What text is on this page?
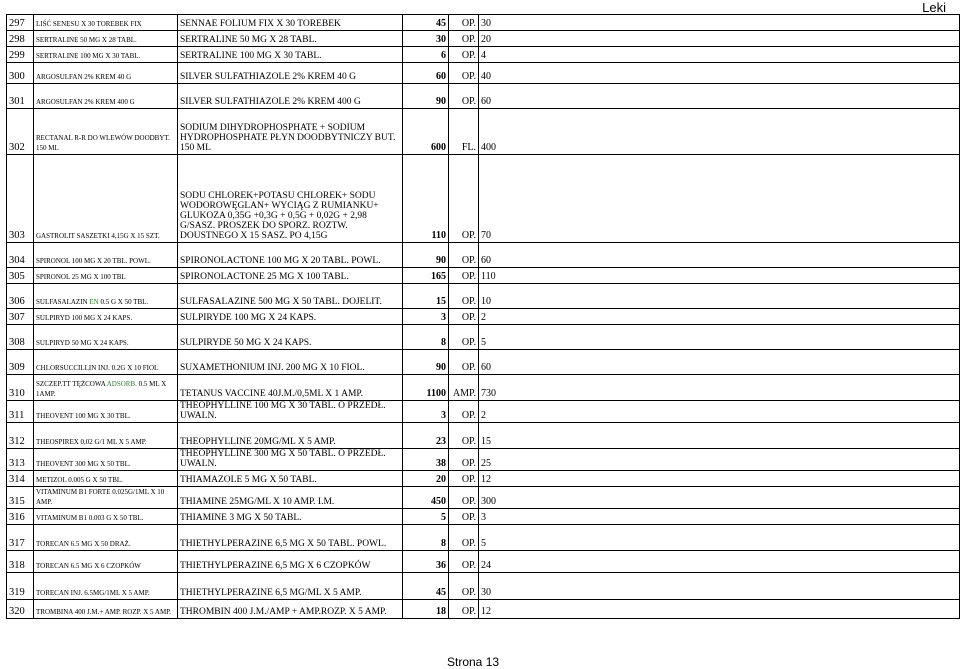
Leki
297	LIŚĆ SENESU X 30 TOREBEK FIX	SENNAE FOLIUM FIX X 30 TOREBEK	45	OP.	30
298	SERTRALINE 50 MG X 28 TABL.	SERTRALINE 50 MG X 28 TABL.	30	OP.	20
299	SERTRALINE 100 MG X 30 TABL.	SERTRALINE 100 MG X 30 TABL.	6	OP.	4
300	ARGOSULFAN 2% KREM 40 G	SILVER SULFATHIAZOLE 2% KREM 40 G	60	OP.	40
301	ARGOSULFAN 2% KREM 400 G	SILVER SULFATHIAZOLE 2% KREM 400 G	90	OP.	60
302	RECTANAL R-R DO WLEWÓW DOODBYT. 150 ML	SODIUM DIHYDROPHOSPHATE + SODIUM HYDROPHOSPHATE PŁYN DOODBYTNICZY BUT. 150 ML	600	FL.	400
303	GASTROLIT SASZETKI 4,15G X 15 SZT.	SODU CHLOREK+POTASU CHLOREK+ SODU WODOROWĘGLAN+ WYCIĄG Z RUMIANKU+ GLUKOZA 0,35G +0,3G + 0,5G + 0,02G + 2,98 G/SASZ. PROSZEK DO SPORZ. ROZTW. DOUSTNEGO X 15 SASZ. PO 4,15G	110	OP.	70
304	SPIRONOL 100 MG X 20 TBL. POWL.	SPIRONOLACTONE 100 MG X 20 TABL. POWL.	90	OP.	60
305	SPIRONOL 25 MG X 100 TBL	SPIRONOLACTONE 25 MG X 100 TABL.	165	OP.	110
306	SULFASALAZIN EN 0.5 G X 50 TBL.	SULFASALAZINE 500 MG X 50 TABL. DOJELIT.	15	OP.	10
307	SULPIRYD 100 MG X 24 KAPS.	SULPIRYDE 100 MG X 24 KAPS.	3	OP.	2
308	SULPIRYD 50 MG X 24 KAPS.	SULPIRYDE 50 MG X 24 KAPS.	8	OP.	5
309	CHLORSUCCILLIN INJ. 0.2G X 10 FIOL	SUXAMETHONIUM INJ. 200 MG X 10 FIOL.	90	OP.	60
310	SZCZEP.TT TĘŻCOWA ADSORB. 0.5 ML X 1AMP.	TETANUS VACCINE 40J.M./0,5ML X 1 AMP.	1100	AMP.	730
311	THEOVENT 100 MG X 30 TBL.	THEOPHYLLINE 100 MG X 30 TABL. O PRZEDŁ. UWALN.	3	OP.	2
312	THEOSPIREX 0,02 G/1 ML X 5 AMP.	THEOPHYLLINE 20MG/ML X 5 AMP.	23	OP.	15
313	THEOVENT 300 MG X 50 TBL.	THEOPHYLLINE 300 MG X 50 TABL. O PRZEDŁ. UWALN.	38	OP.	25
314	METIZOL 0.005 G X 50 TBL.	THIAMAZOLE 5 MG X 50 TABL.	20	OP.	12
315	VITAMINUM B1 FORTE 0.025G/1ML X 10 AMP.	THIAMINE 25MG/ML X 10 AMP. I.M.	450	OP.	300
316	VITAMINUM B1 0.003 G X 50 TBL.	THIAMINE 3 MG X 50 TABL.	5	OP.	3
317	TORECAN 6.5 MG X 50 DRAŻ.	THIETHYLPERAZINE 6,5 MG X 50 TABL. POWL.	8	OP.	5
318	TORECAN 6.5 MG X 6 CZOPKÓW	THIETHYLPERAZINE 6,5 MG X 6 CZOPKÓW	36	OP.	24
319	TORECAN INJ. 6.5MG/1ML X 5 AMP.	THIETHYLPERAZINE 6,5 MG/ML X 5 AMP.	45	OP.	30
320	TROMBINA 400 J.M.+ AMP. ROZP. X 5 AMP.	THROMBIN 400 J.M./AMP + AMP.ROZP. X 5 AMP.	18	OP.	12
Strona 13
